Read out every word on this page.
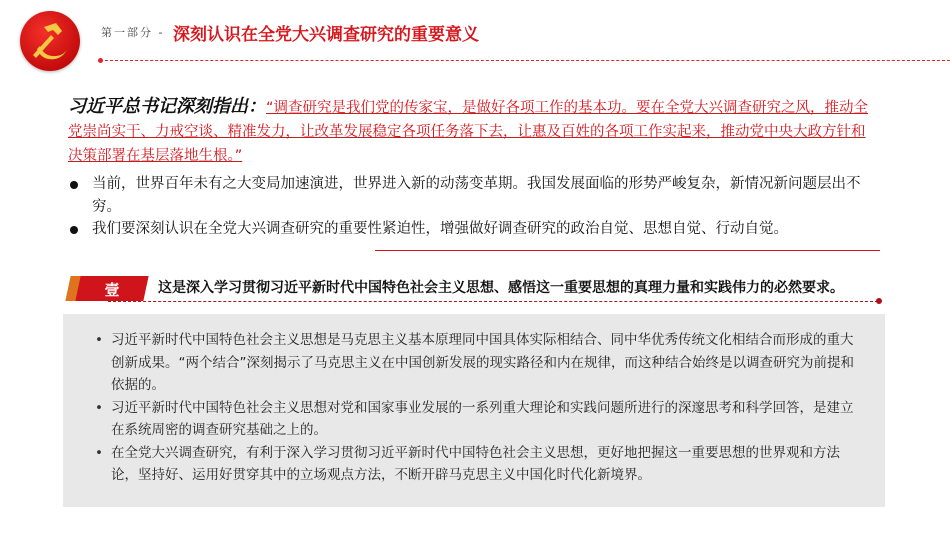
第一部分 - 深刻认识在全党大兴调查研究的重要意义
习近平总书记深刻指出：“调查研究是我们党的传家宝，是做好各项工作的基本功。要在全党大兴调查研究之风，推动全党崇尚实干、力戒空谈、精准发力，让改革发展稳定各项任务落下去，让惠及百姓的各项工作实起来，推动党中央大政方针和决策部署在基层落地生根。”
当前，世界百年未有之大变局加速演进，世界进入新的动荡变革期。我国发展面临的形势严峻复杂，新情况新问题层出不穷。
我们要深刻认识在全党大兴调查研究的重要性紧迫性，增强做好调查研究的政治自觉、思想自觉、行动自觉。
壹	这是深入学习贯彻习近平新时代中国特色社会主义思想、感悟这一重要思想的真理力量和实践伟力的必然要求。
• 习近平新时代中国特色社会主义思想是马克思主义基本原理同中国具体实际相结合、同中华优秀传统文化相结合而形成的重大创新成果。“两个结合”深刻揭示了马克思主义在中国创新发展的现实路径和内在规律，而这种结合始终是以调查研究为前提和依据的。
• 习近平新时代中国特色社会主义思想对党和国家事业发展的一系列重大理论和实践问题所进行的深邃思考和科学回答，是建立在系统周密的调查研究基础之上的。
• 在全党大兴调查研究，有利于深入学习贯彻习近平新时代中国特色社会主义思想，更好地把握这一重要思想的世界观和方法论，坚持好、运用好贯穿其中的立场观点方法，不断开辟马克思主义中国化时代化新境界。
